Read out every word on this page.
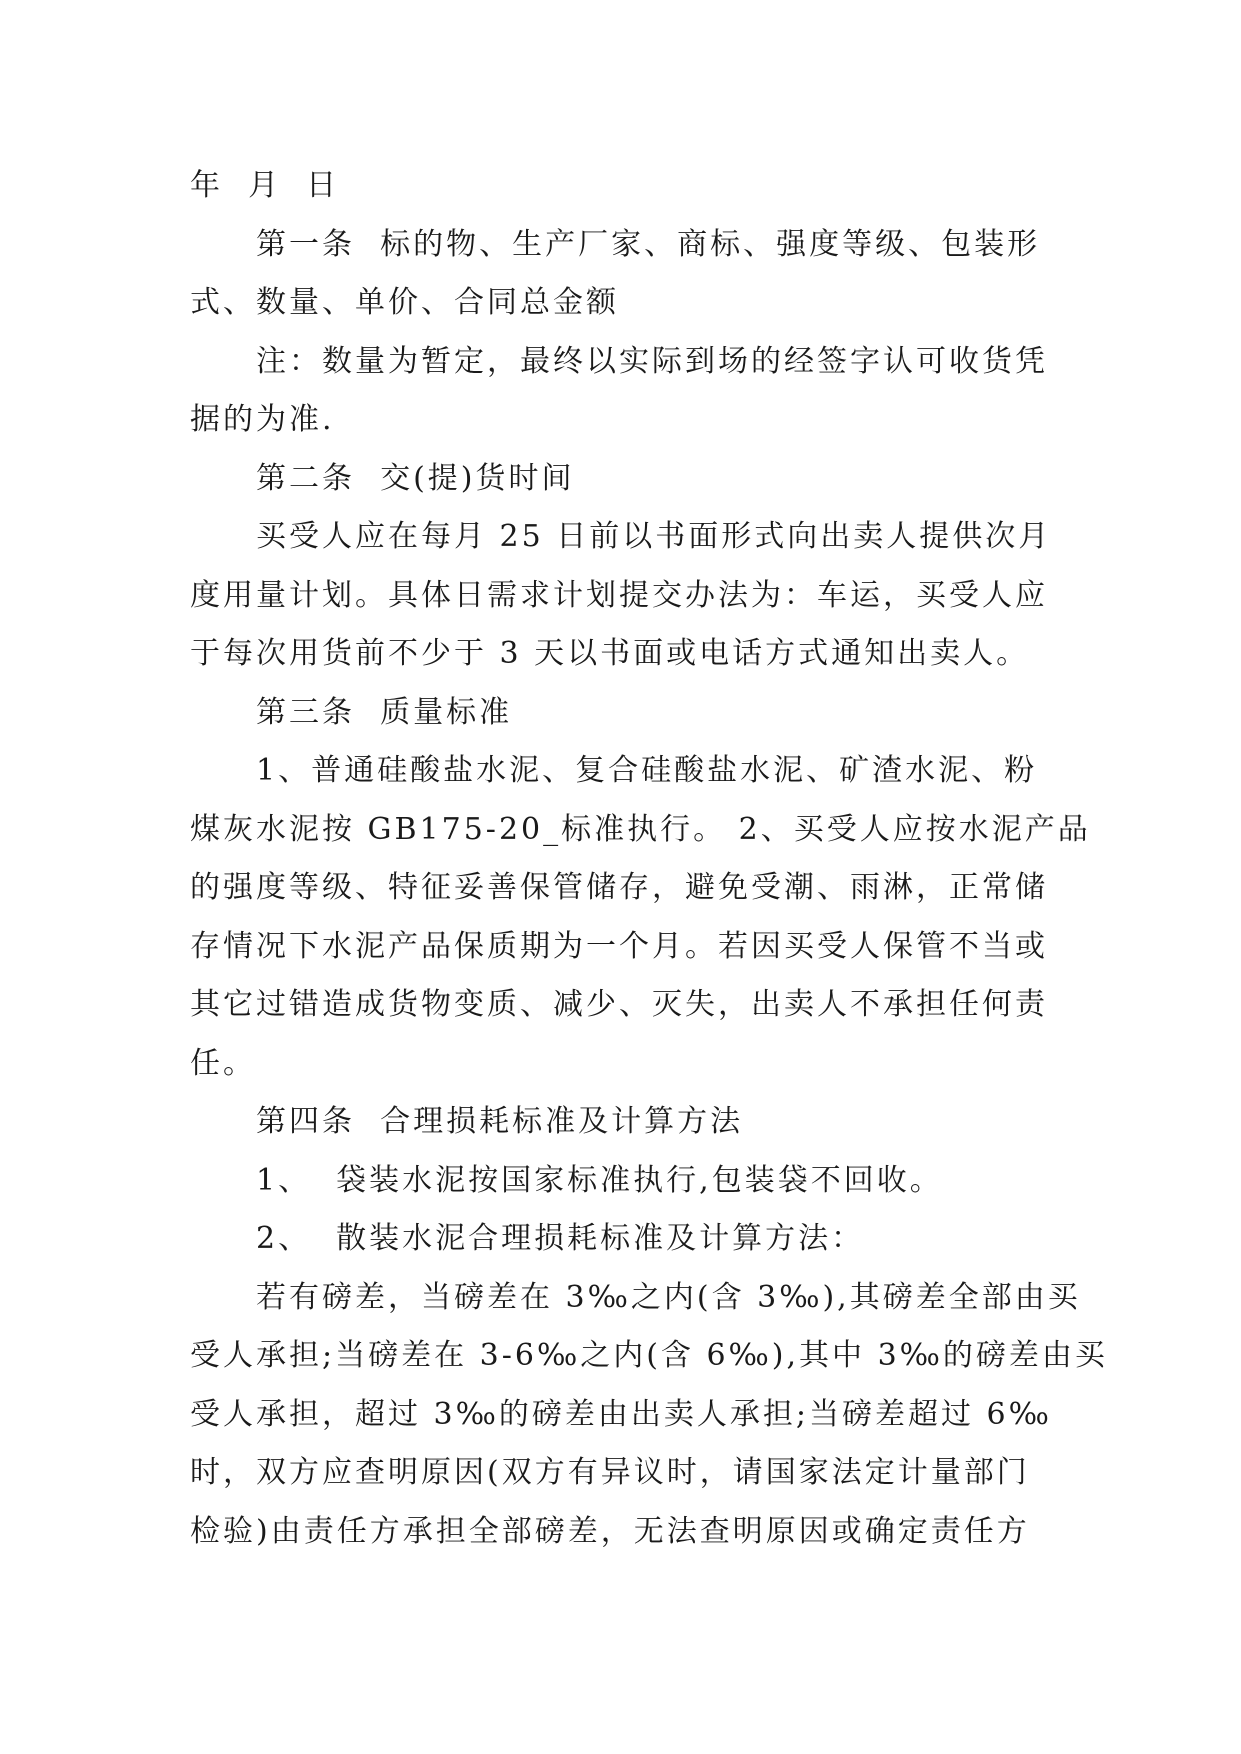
年  月  日

第一条  标的物、生产厂家、商标、强度等级、包装形

式、数量、单价、合同总金额

注：数量为暂定，最终以实际到场的经签字认可收货凭

据的为准.

第二条  交(提)货时间

买受人应在每月 25 日前以书面形式向出卖人提供次月

度用量计划。具体日需求计划提交办法为：车运，买受人应

于每次用货前不少于 3 天以书面或电话方式通知出卖人。

第三条  质量标准

1、普通硅酸盐水泥、复合硅酸盐水泥、矿渣水泥、粉

煤灰水泥按 GB175-20_标准执行。 2、买受人应按水泥产品

的强度等级、特征妥善保管储存，避免受潮、雨淋，正常储

存情况下水泥产品保质期为一个月。若因买受人保管不当或

其它过错造成货物变质、减少、灭失，出卖人不承担任何责

任。

第四条  合理损耗标准及计算方法

1、  袋装水泥按国家标准执行,包装袋不回收。

2、  散装水泥合理损耗标准及计算方法：

若有磅差，当磅差在 3‰之内(含 3‰),其磅差全部由买

受人承担;当磅差在 3-6‰之内(含 6‰),其中 3‰的磅差由买

受人承担，超过 3‰的磅差由出卖人承担;当磅差超过 6‰

时，双方应查明原因(双方有异议时，请国家法定计量部门

检验)由责任方承担全部磅差，无法查明原因或确定责任方
